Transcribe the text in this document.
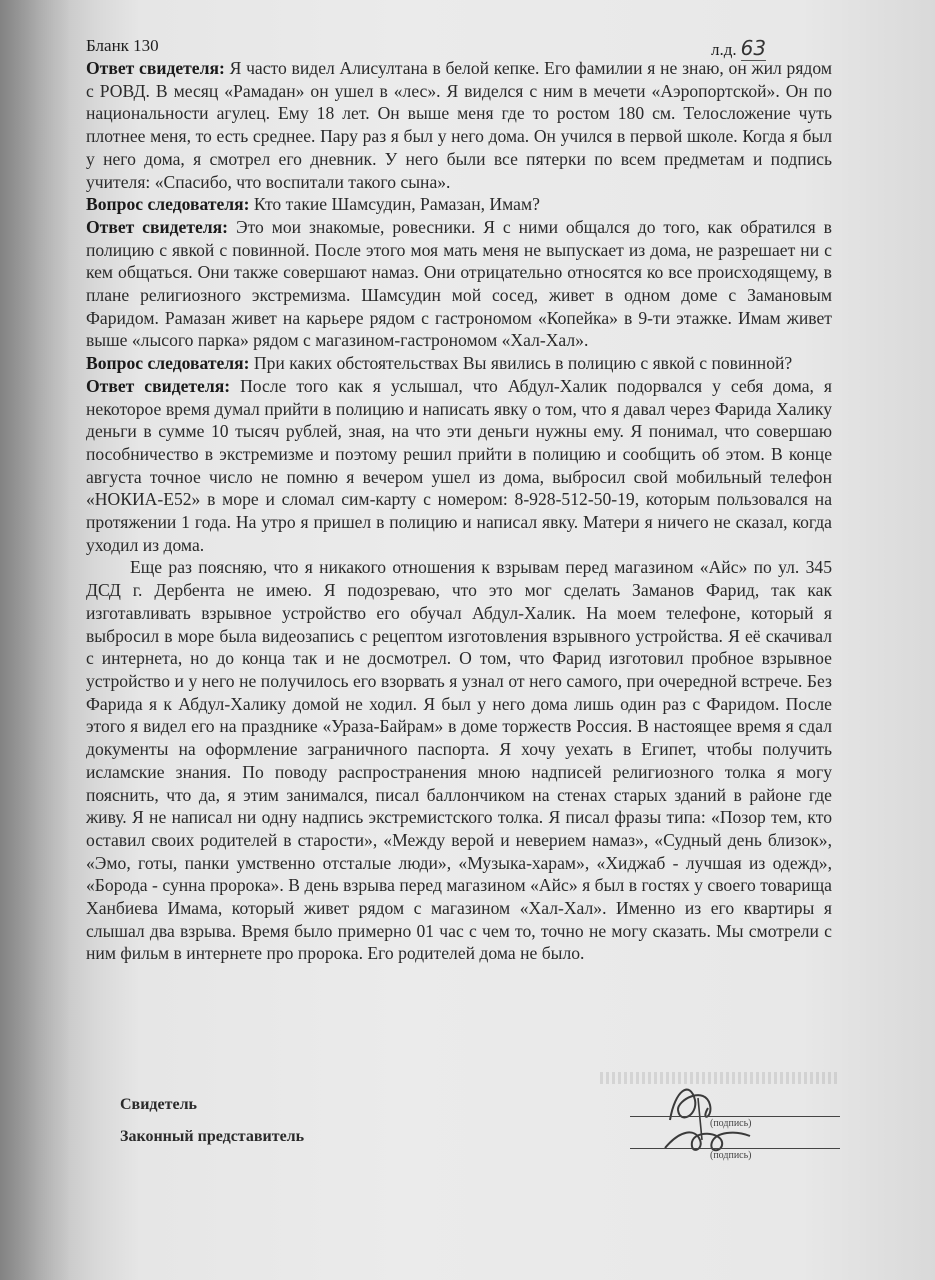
Бланк 130	л.д. 63

Ответ свидетеля: Я часто видел Алисултана в белой кепке. Его фамилии я не знаю, он жил рядом с РОВД. В месяц «Рамадан» он ушел в «лес». Я виделся с ним в мечети «Аэропортской». Он по национальности агулец. Ему 18 лет. Он выше меня где то ростом 180 см. Телосложение чуть плотнее меня, то есть среднее. Пару раз я был у него дома. Он учился в первой школе. Когда я был у него дома, я смотрел его дневник. У него были все пятерки по всем предметам и подпись учителя: «Спасибо, что воспитали такого сына».

Вопрос следователя: Кто такие Шамсудин, Рамазан, Имам?

Ответ свидетеля: Это мои знакомые, ровесники. Я с ними общался до того, как обратился в полицию с явкой с повинной. После этого моя мать меня не выпускает из дома, не разрешает ни с кем общаться. Они также совершают намаз. Они отрицательно относятся ко все происходящему, в плане религиозного экстремизма. Шамсудин мой сосед, живет в одном доме с Замановым Фаридом. Рамазан живет на карьере рядом с гастрономом «Копейка» в 9-ти этажке. Имам живет выше «лысого парка» рядом с магазином-гастрономом «Хал-Хал».

Вопрос следователя: При каких обстоятельствах Вы явились в полицию с явкой с повинной?

Ответ свидетеля: После того как я услышал, что Абдул-Халик подорвался у себя дома, я некоторое время думал прийти в полицию и написать явку о том, что я давал через Фарида Халику деньги в сумме 10 тысяч рублей, зная, на что эти деньги нужны ему. Я понимал, что совершаю пособничество в экстремизме и поэтому решил прийти в полицию и сообщить об этом. В конце августа точное число не помню я вечером ушел из дома, выбросил свой мобильный телефон «НОКИА-Е52» в море и сломал сим-карту с номером: 8-928-512-50-19, которым пользовался на протяжении 1 года. На утро я пришел в полицию и написал явку. Матери я ничего не сказал, когда уходил из дома.

Еще раз поясняю, что я никакого отношения к взрывам перед магазином «Айс» по ул. 345 ДСД г. Дербента не имею. Я подозреваю, что это мог сделать Заманов Фарид, так как изготавливать взрывное устройство его обучал Абдул-Халик. На моем телефоне, который я выбросил в море была видеозапись с рецептом изготовления взрывного устройства. Я её скачивал с интернета, но до конца так и не досмотрел. О том, что Фарид изготовил пробное взрывное устройство и у него не получилось его взорвать я узнал от него самого, при очередной встрече. Без Фарида я к Абдул-Халику домой не ходил. Я был у него дома лишь один раз с Фаридом. После этого я видел его на празднике «Ураза-Байрам» в доме торжеств Россия. В настоящее время я сдал документы на оформление заграничного паспорта. Я хочу уехать в Египет, чтобы получить исламские знания. По поводу распространения мною надписей религиозного толка я могу пояснить, что да, я этим занимался, писал баллончиком на стенах старых зданий в районе где живу. Я не написал ни одну надпись экстремистского толка. Я писал фразы типа: «Позор тем, кто оставил своих родителей в старости», «Между верой и неверием намаз», «Судный день близок», «Эмо, готы, панки умственно отсталые люди», «Музыка-харам», «Хиджаб - лучшая из одежд», «Борода - сунна пророка». В день взрыва перед магазином «Айс» я был в гостях у своего товарища Ханбиева Имама, который живет рядом с магазином «Хал-Хал». Именно из его квартиры я слышал два взрыва. Время было примерно 01 час с чем то, точно не могу сказать. Мы смотрели с ним фильм в интернете про пророка. Его родителей дома не было.

Свидетель
(подпись)
Законный представитель
(подпись)
